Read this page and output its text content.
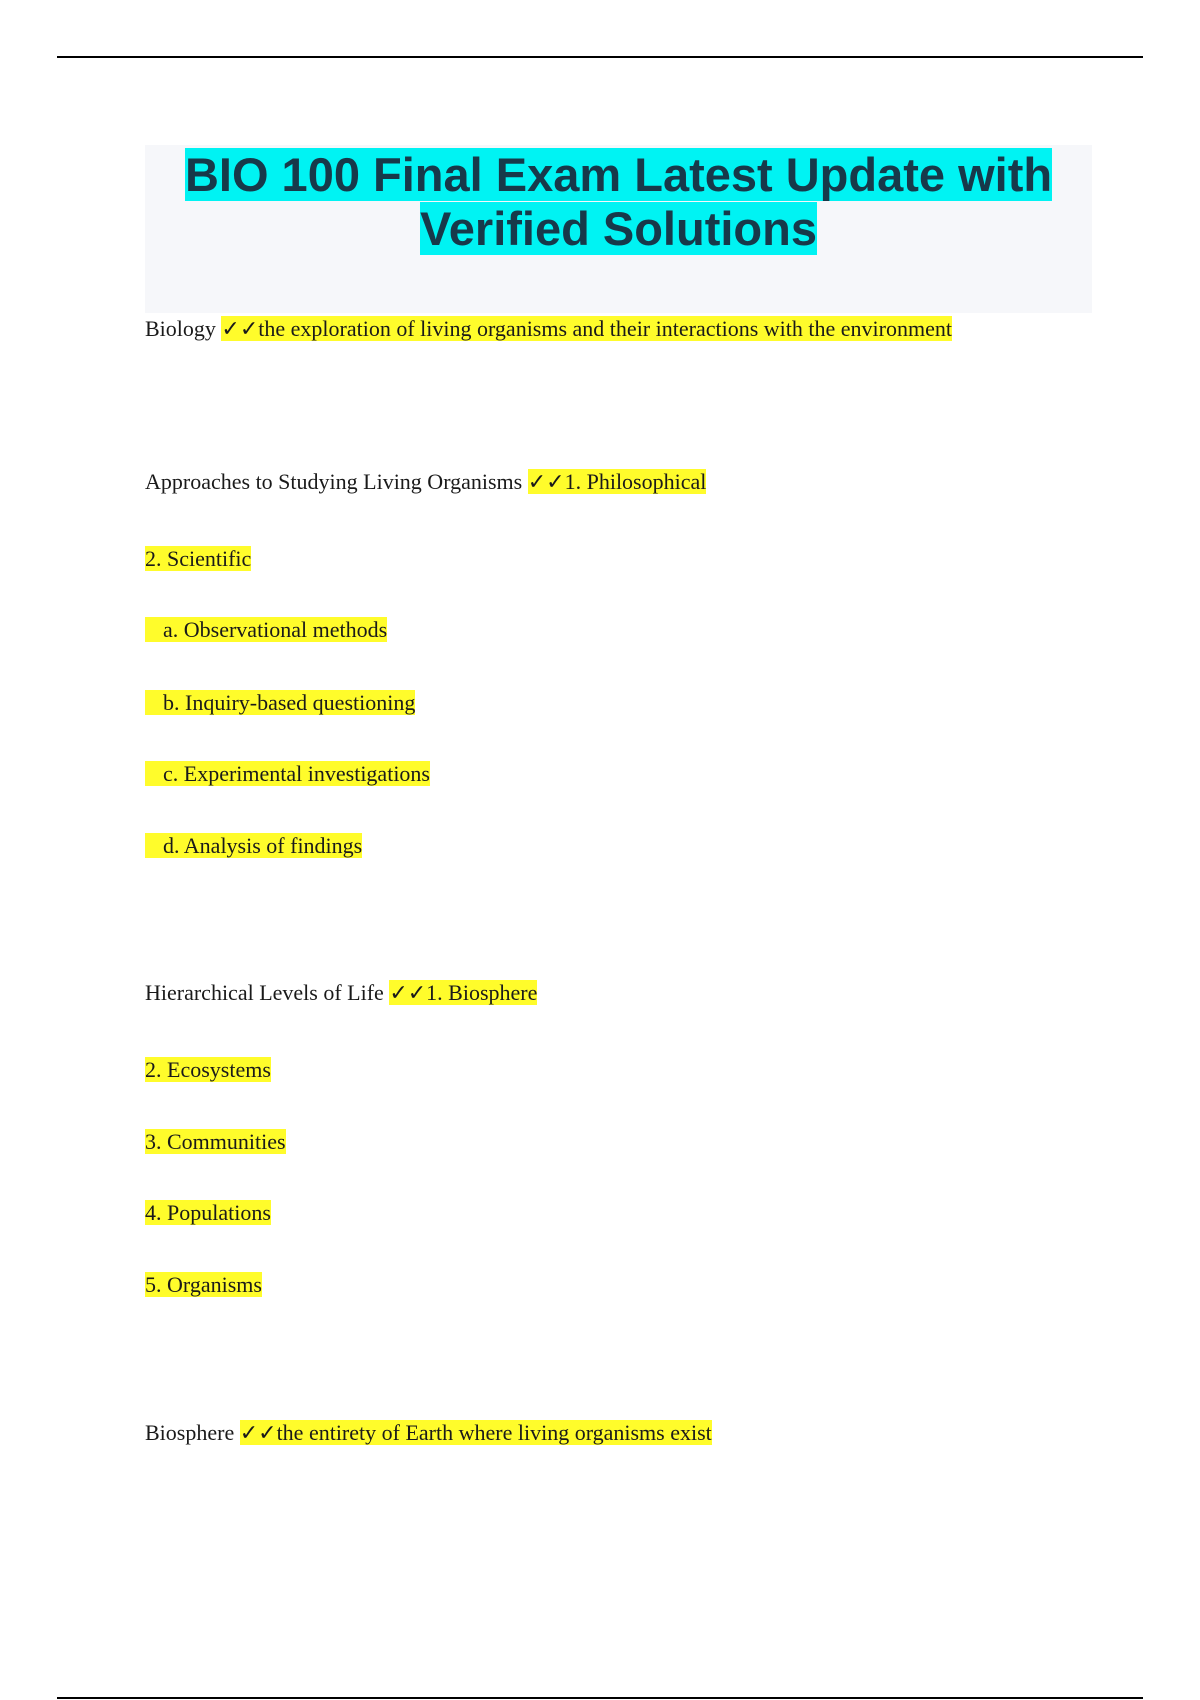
BIO 100 Final Exam Latest Update with
Verified Solutions
Biology ✓✓the exploration of living organisms and their interactions with the environment
Approaches to Studying Living Organisms ✓✓1. Philosophical
2. Scientific
a. Observational methods
b. Inquiry-based questioning
c. Experimental investigations
d. Analysis of findings
Hierarchical Levels of Life ✓✓1. Biosphere
2. Ecosystems
3. Communities
4. Populations
5. Organisms
Biosphere ✓✓the entirety of Earth where living organisms exist
